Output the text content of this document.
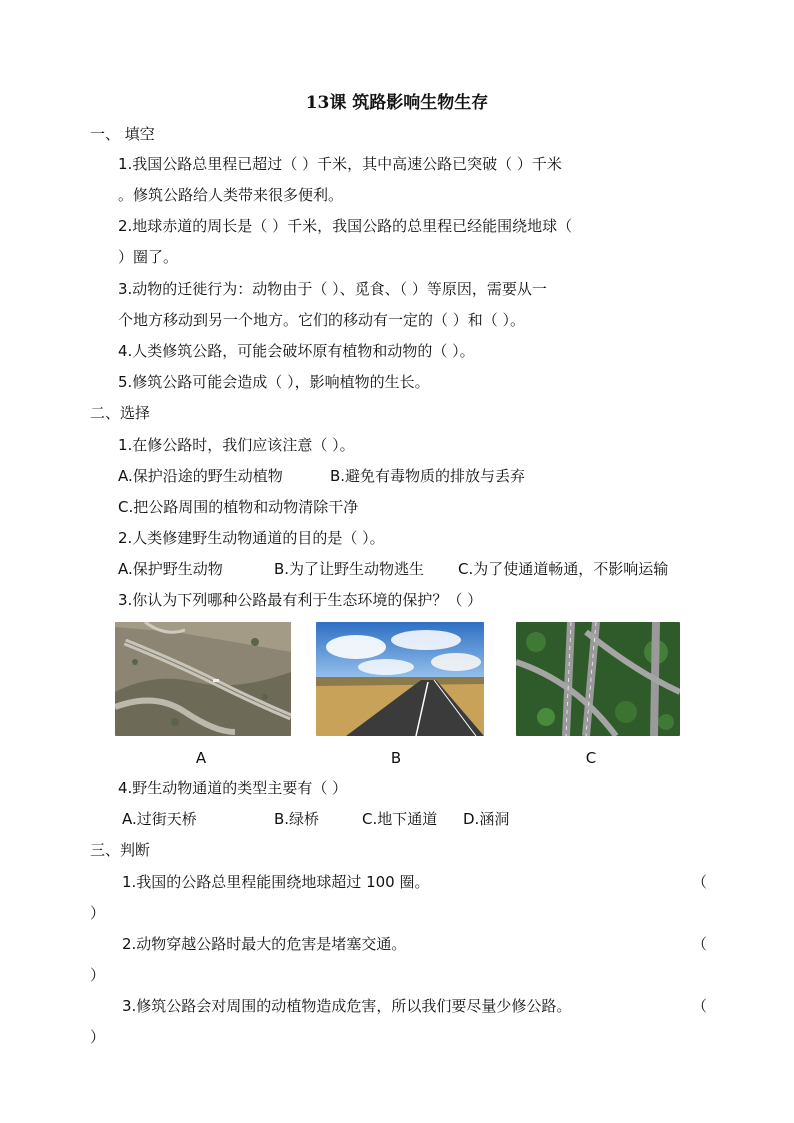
13课 筑路影响生物生存
一、 填空
1.我国公路总里程已超过（ ）千米，其中高速公路已突破（ ）千米
。修筑公路给人类带来很多便利。
2.地球赤道的周长是（ ）千米，我国公路的总里程已经能围绕地球（
）圈了。
3.动物的迁徙行为：动物由于（ ）、觅食、（ ）等原因，需要从一
个地方移动到另一个地方。它们的移动有一定的（ ）和（ ）。
4.人类修筑公路，可能会破坏原有植物和动物的（ ）。
5.修筑公路可能会造成（ ），影响植物的生长。
二、选择
1.在修公路时，我们应该注意（ ）。
A.保护沿途的野生动植物	B.避免有毒物质的排放与丢弃
C.把公路周围的植物和动物清除干净
2.人类修建野生动物通道的目的是（ ）。
A.保护野生动物	B.为了让野生动物逃生 C.为了使通道畅通，不影响运输
3.你认为下列哪种公路最有利于生态环境的保护？（ ）
A	B	C
4.野生动物通道的类型主要有（ ）
A.过街天桥	B.绿桥	C.地下通道 D.涵洞
三、判断
1.我国的公路总里程能围绕地球超过 100 圈。	（
）
2.动物穿越公路时最大的危害是堵塞交通。	（
）
3.修筑公路会对周围的动植物造成危害，所以我们要尽量少修公路。	（
）
